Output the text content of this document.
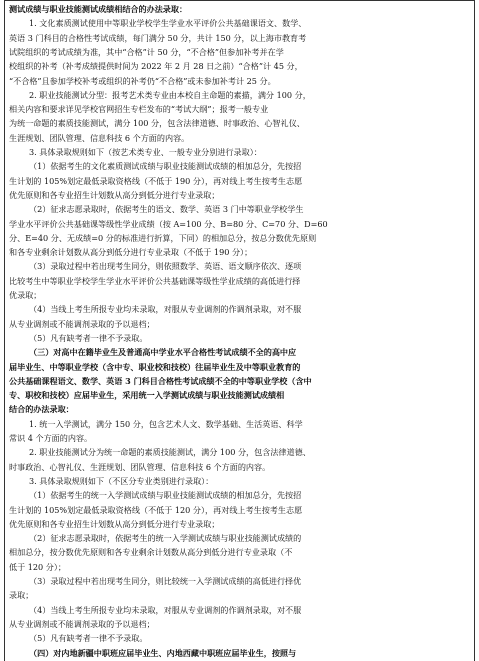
测试成绩与职业技能测试成绩相结合的办法录取：
1. 文化素质测试使用中等职业学校学生学业水平评价公共基础课语文、数学、
英语 3 门科目的合格性考试成绩，每门满分 50 分，共计 150 分，以上海市教育考
试院组织的考试成绩为准，其中“合格”计 50 分，“不合格”但参加补考并在学
校组织的补考（补考成绩提供时间为 2022 年 2 月 28 日之前）“合格”计 45 分，
“不合格”且参加学校补考或组织的补考仍“不合格”或未参加补考计 25 分。
2. 职业技能测试分型：报考艺术类专业由本校自主命题的素描，满分 100 分，
相关内容和要求详见学校官网招生专栏发布的“考试大纲”；报考一般专业
为统一命题的素质技能测试，满分 100 分，包含法律道德、时事政治、心智礼仪、
生涯规划、团队管理、信息科技 6 个方面的内容。
3. 具体录取规则如下（按艺术类专业、一般专业分别进行录取）：
（1）依据考生的文化素质测试成绩与职业技能测试成绩的相加总分，先按招
生计划的 105%划定最低录取资格线（不低于 190 分），再对线上考生按考生志愿
优先原则和各专业招生计划数从高分到低分进行专业录取；
（2）征求志愿录取时，依据考生的语文、数学、英语 3 门中等职业学校学生
学业水平评价公共基础课等级性学业成绩（按 A=100 分、B=80 分、C=70 分、D=60
分、E=40 分、无成绩=0 分的标准进行折算，下同）的相加总分，按总分数优先原则
和各专业剩余计划数从高分到低分进行专业录取（不低于 190 分）；
（3）录取过程中若出现考生同分，则依照数学、英语、语文顺序依次、逐项
比较考生中等职业学校学生学业水平评价公共基础课等级性学业成绩的高低进行择
优录取；
（4）当线上考生所报专业均未录取，对服从专业调剂的作调剂录取，对不服
从专业调剂或不能调剂录取的予以退档；
（5）凡有缺考者一律不予录取。
（三）对高中在籍毕业生及普通高中学业水平合格性考试成绩不全的高中应
届毕业生、中等职业学校（含中专、职业校和技校）往届毕业生及中等职业教育的
公共基础课程语文、数学、英语 3 门科目合格性考试成绩不全的中等职业学校（含中
专、职校和技校）应届毕业生，采用统一入学测试成绩与职业技能测试成绩相
结合的办法录取：
1. 统一入学测试，满分 150 分，包含艺术人文、数学基础、生活英语、科学
常识 4 个方面的内容。
2. 职业技能测试分为统一命题的素质技能测试，满分 100 分，包含法律道德、
时事政治、心智礼仪、生涯规划、团队管理、信息科技 6 个方面的内容。
3. 具体录取规则如下（不区分专业类别进行录取）：
（1）依据考生的统一入学测试成绩与职业技能测试成绩的相加总分，先按招
生计划的 105%划定最低录取资格线（不低于 120 分），再对线上考生按考生志愿
优先原则和各专业招生计划数从高分到低分进行专业录取；
（2）征求志愿录取时，依据考生的统一入学测试成绩与职业技能测试成绩的
相加总分，按分数优先原则和各专业剩余计划数从高分到低分进行专业录取（不
低于 120 分）；
（3）录取过程中若出现考生同分，则比较统一入学测试成绩的高低进行择优
录取；
（4）当线上考生所报专业均未录取，对服从专业调剂的作调剂录取，对不服
从专业调剂或不能调剂录取的予以退档；
（5）凡有缺考者一律不予录取。
（四）对内地新疆中职班应届毕业生、内地西藏中职班应届毕业生，按照与
